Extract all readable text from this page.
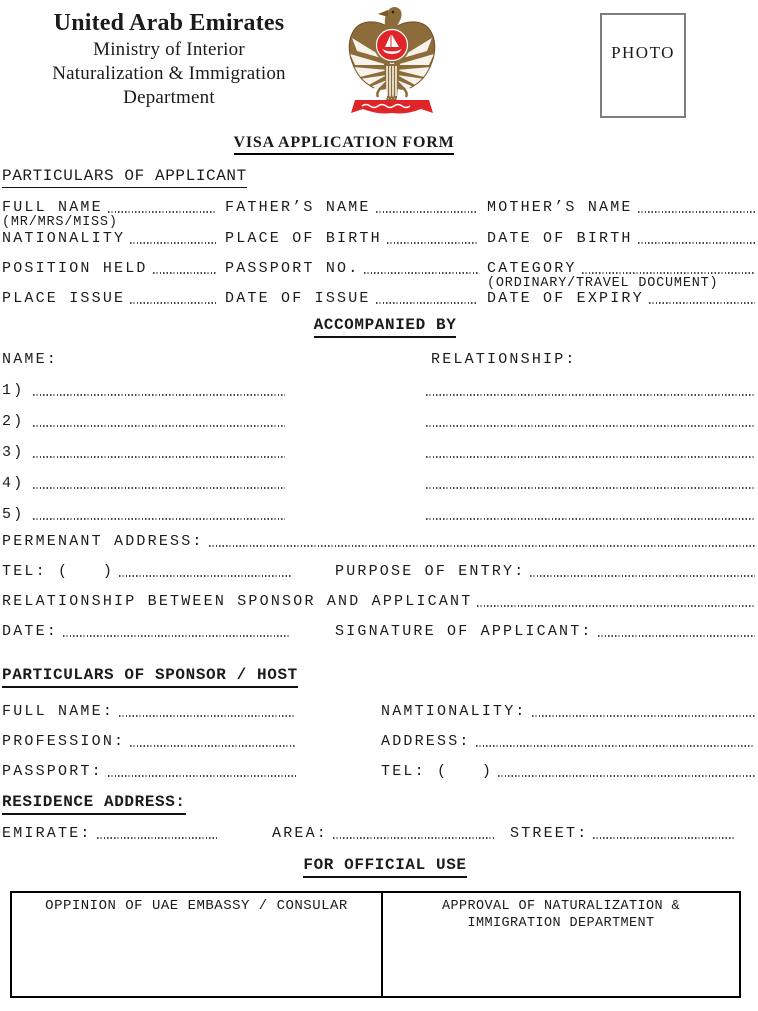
United Arab Emirates
Ministry of Interior
Naturalization & Immigration
Department
PHOTO
VISA APPLICATION FORM
PARTICULARS OF APPLICANT
FULL NAME	FATHER’S NAME	MOTHER’S NAME
(MR/MRS/MISS)
NATIONALITY	PLACE OF BIRTH	DATE OF BIRTH
POSITION HELD	PASSPORT NO.	CATEGORY
(ORDINARY/TRAVEL DOCUMENT)
PLACE ISSUE	DATE OF ISSUE	DATE OF EXPIRY
ACCOMPANIED BY
NAME:	RELATIONSHIP:
1)
2)
3)
4)
5)
PERMENANT ADDRESS:
TEL: (   )	PURPOSE OF ENTRY:
RELATIONSHIP BETWEEN SPONSOR AND APPLICANT
DATE:	SIGNATURE OF APPLICANT:
PARTICULARS OF SPONSOR / HOST
FULL NAME:	NAMTIONALITY:
PROFESSION:	ADDRESS:
PASSPORT:	TEL: (   )
RESIDENCE ADDRESS:
EMIRATE:	AREA:	STREET:
FOR OFFICIAL USE
OPPINION OF UAE EMBASSY / CONSULAR	APPROVAL OF NATURALIZATION & IMMIGRATION DEPARTMENT
